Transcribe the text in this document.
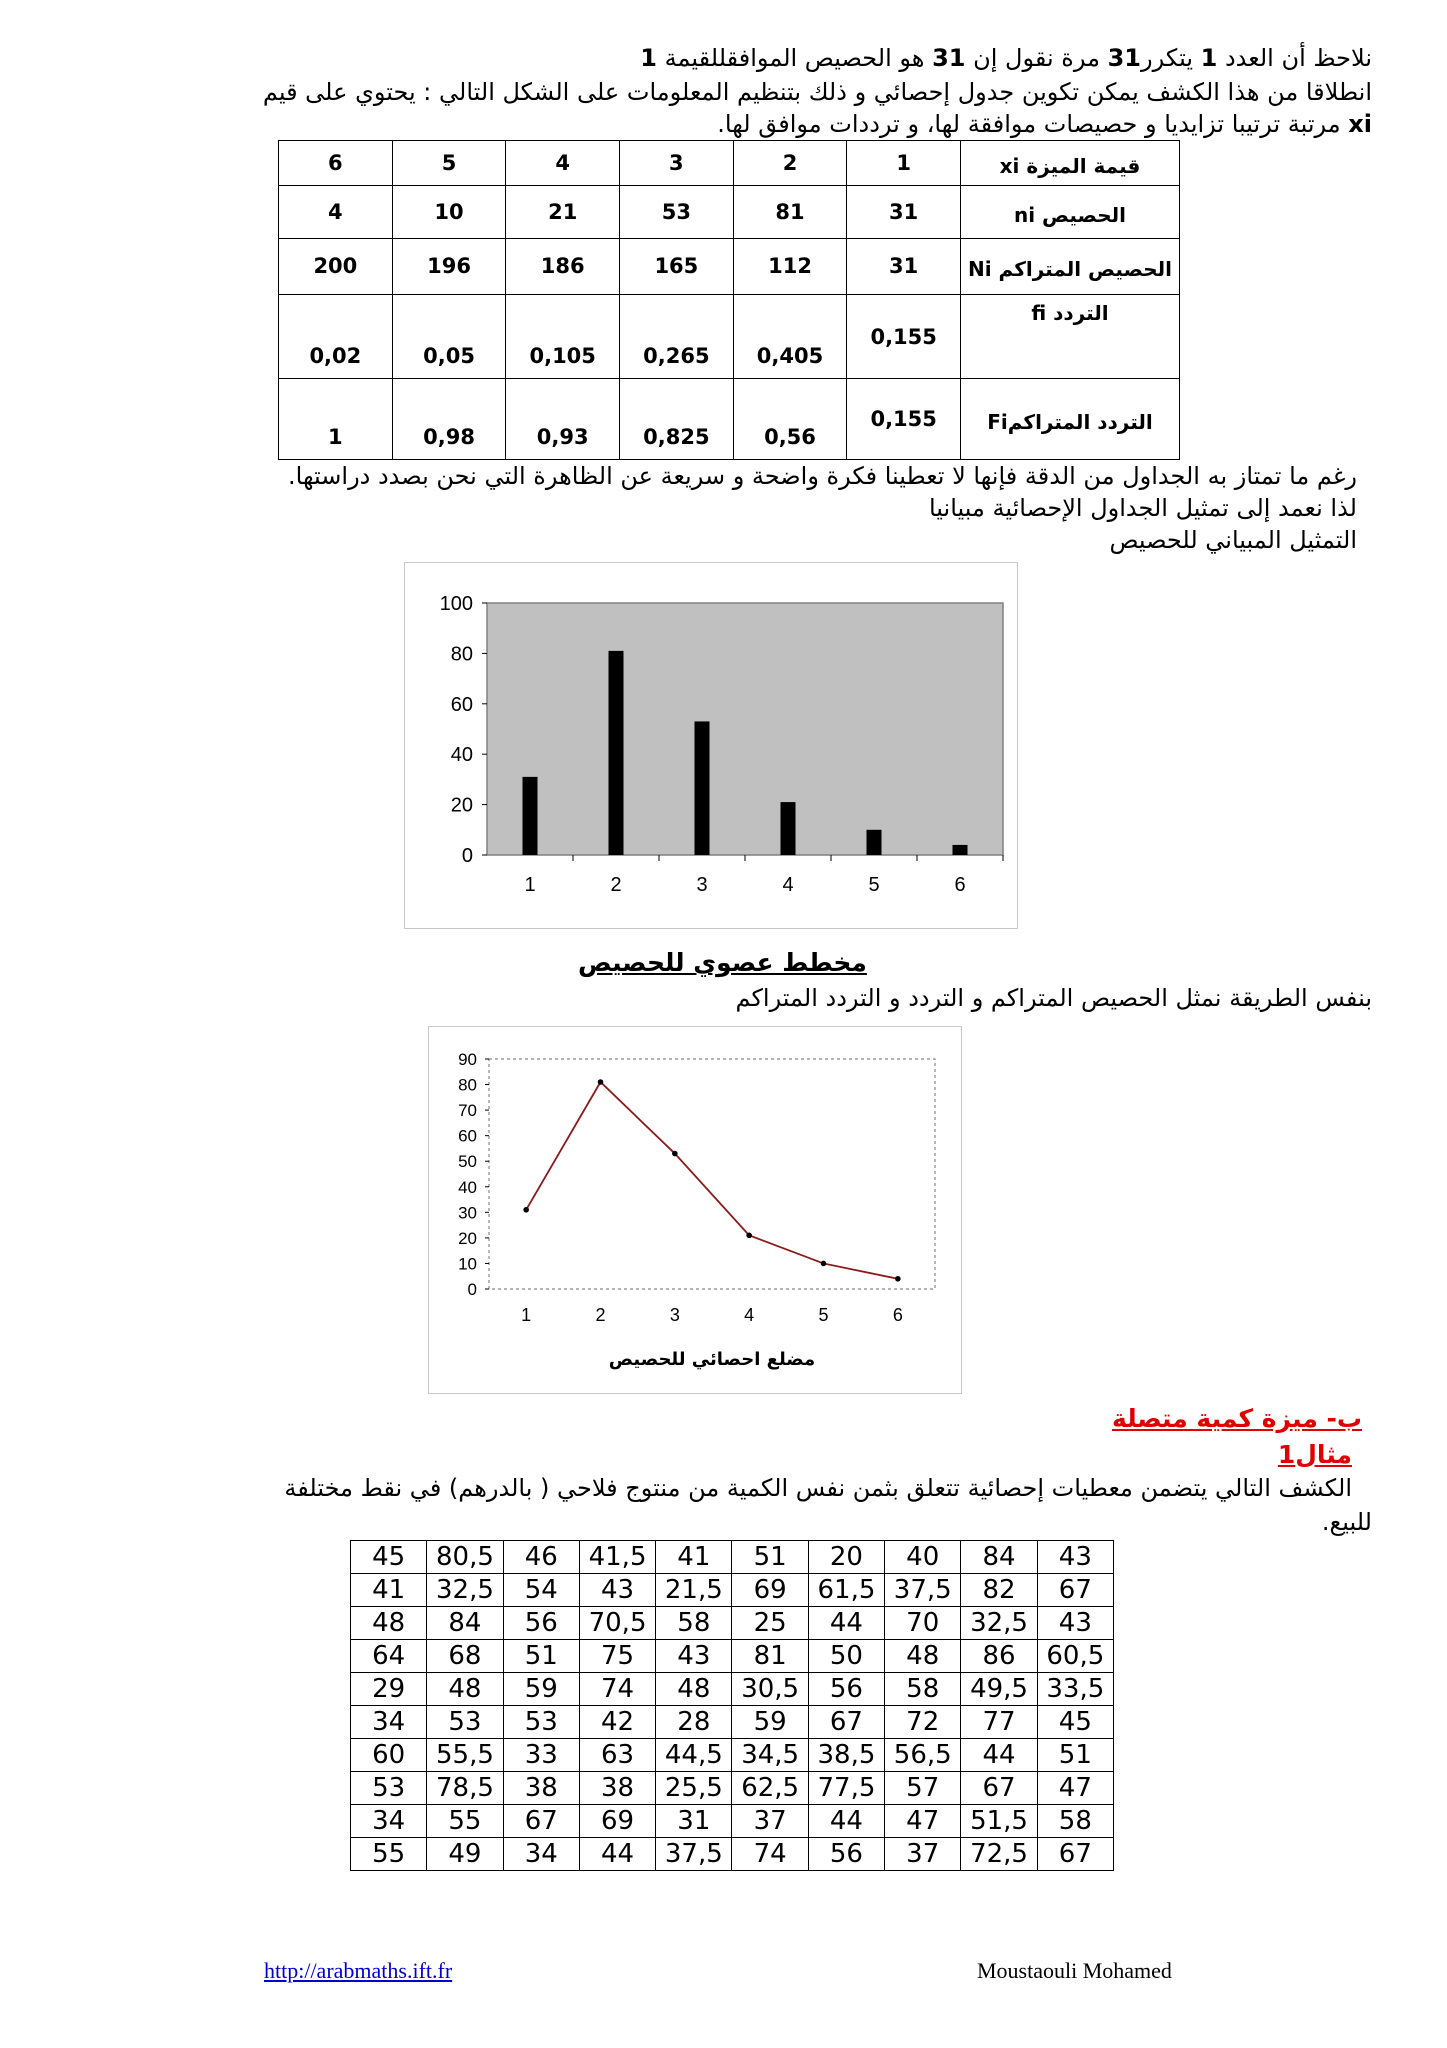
نلاحظ أن العدد 1 يتكرر31 مرة نقول إن 31 هو الحصيص الموافقللقيمة 1
انطلاقا من هذا الكشف يمكن تكوين جدول إحصائي و ذلك بتنظيم المعلومات على الشكل التالي : يحتوي على قيم
xi مرتبة ترتيبا تزايديا و حصيصات موافقة لها، و ترددات موافق لها.
قيمة الميزة xi	1	2	3	4	5	6
الحصيص ni	31	81	53	21	10	4
الحصيص المتراكم Ni	31	112	165	186	196	200
التردد fi	0,155	0,405	0,265	0,105	0,05	0,02
التردد المتراكمFi	0,155	0,56	0,825	0,93	0,98	1
رغم ما تمتاز به الجداول من الدقة فإنها لا تعطينا فكرة واضحة و سريعة عن الظاهرة التي نحن بصدد دراستها.
لذا نعمد إلى تمثيل الجداول الإحصائية مبيانيا
التمثيل المبياني للحصيص
0
20
40
60
80
100
1	2	3	4	5	6
مخطط عصوي للحصيص
بنفس الطريقة نمثل الحصيص المتراكم و التردد و التردد المتراكم
0
10
20
30
40
50
60
70
80
90
1	2	3	4	5	6
مضلع احصائي للحصيص
ب- ميزة كمية متصلة
مثال1
الكشف التالي يتضمن معطيات إحصائية تتعلق بثمن نفس الكمية من منتوج فلاحي ( بالدرهم) في نقط مختلفة
للبيع.
45	80,5	46	41,5	41	51	20	40	84	43
41	32,5	54	43	21,5	69	61,5	37,5	82	67
48	84	56	70,5	58	25	44	70	32,5	43
64	68	51	75	43	81	50	48	86	60,5
29	48	59	74	48	30,5	56	58	49,5	33,5
34	53	53	42	28	59	67	72	77	45
60	55,5	33	63	44,5	34,5	38,5	56,5	44	51
53	78,5	38	38	25,5	62,5	77,5	57	67	47
34	55	67	69	31	37	44	47	51,5	58
55	49	34	44	37,5	74	56	37	72,5	67
http://arabmaths.ift.fr	Moustaouli Mohamed
